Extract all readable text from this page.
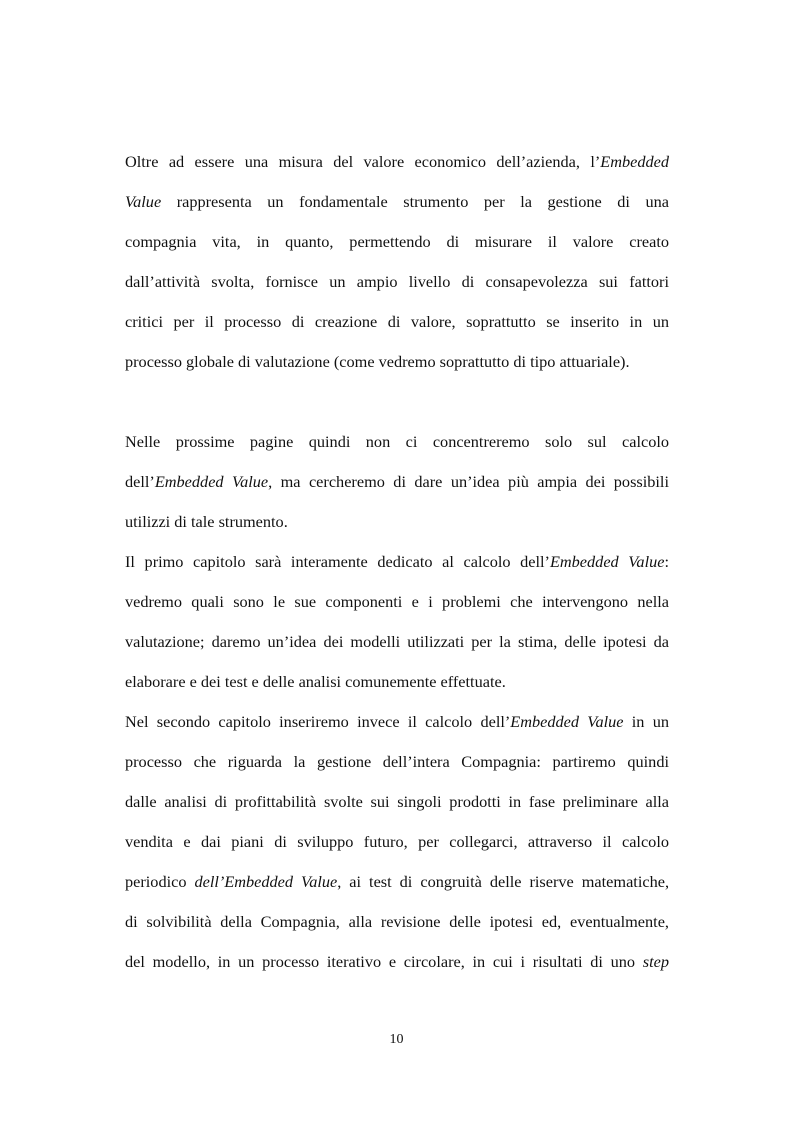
Oltre ad essere una misura del valore economico dell’azienda, l’Embedded
Value rappresenta un fondamentale strumento per la gestione di una
compagnia vita, in quanto, permettendo di misurare il valore creato
dall’attività svolta, fornisce un ampio livello di consapevolezza sui fattori
critici per il processo di creazione di valore, soprattutto se inserito in un
processo globale di valutazione (come vedremo soprattutto di tipo attuariale).
Nelle prossime pagine quindi non ci concentreremo solo sul calcolo
dell’Embedded Value, ma cercheremo di dare un’idea più ampia dei possibili
utilizzi di tale strumento.
Il primo capitolo sarà interamente dedicato al calcolo dell’Embedded Value:
vedremo quali sono le sue componenti e i problemi che intervengono nella
valutazione; daremo un’idea dei modelli utilizzati per la stima, delle ipotesi da
elaborare e dei test e delle analisi comunemente effettuate.
Nel secondo capitolo inseriremo invece il calcolo dell’Embedded Value in un
processo che riguarda la gestione dell’intera Compagnia: partiremo quindi
dalle analisi di profittabilità svolte sui singoli prodotti in fase preliminare alla
vendita e dai piani di sviluppo futuro, per collegarci, attraverso il calcolo
periodico dell’Embedded Value, ai test di congruità delle riserve matematiche,
di solvibilità della Compagnia, alla revisione delle ipotesi ed, eventualmente,
del modello, in un processo iterativo e circolare, in cui i risultati di uno step
10
